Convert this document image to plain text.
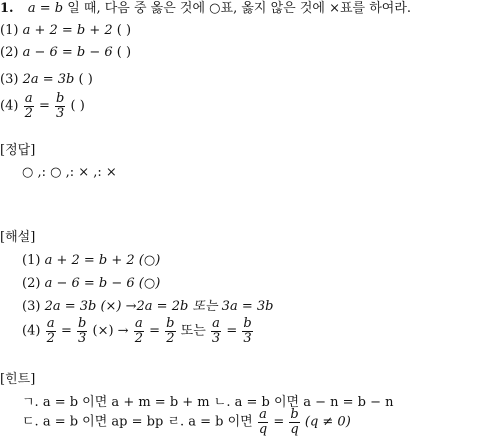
1. a = b 일 때, 다음 중 옳은 것에 ○표, 옳지 않은 것에 ×표를 하여라.
(1) a + 2 = b + 2 ( )
(2) a − 6 = b − 6 ( )
(3) 2a = 3b ( )
$(4) \frac{a}{2} = \frac{b}{3}$ ( )
[정답]
○ ,: ○ ,: × ,: ×
[해설]
(1) a + 2 = b + 2 (○)
(2) a − 6 = b − 6 (○)
(3) 2a = 3b (×) →2a = 2b 또는 3a = 3b
$(4) \frac{a}{2} = \frac{b}{3}$ (×) → $\frac{a}{2} = \frac{b}{2}$ 또는 $\frac{a}{3} = \frac{b}{3}$
[힌트]
ㄱ. a = b 이면 a + m = b + m ㄴ. a = b 이면 a − n = b − n
ㄷ. a = b 이면 ap = bp ㄹ. a = b 이면 $\frac{a}{q} = \frac{b}{q} (q \ne 0)$
